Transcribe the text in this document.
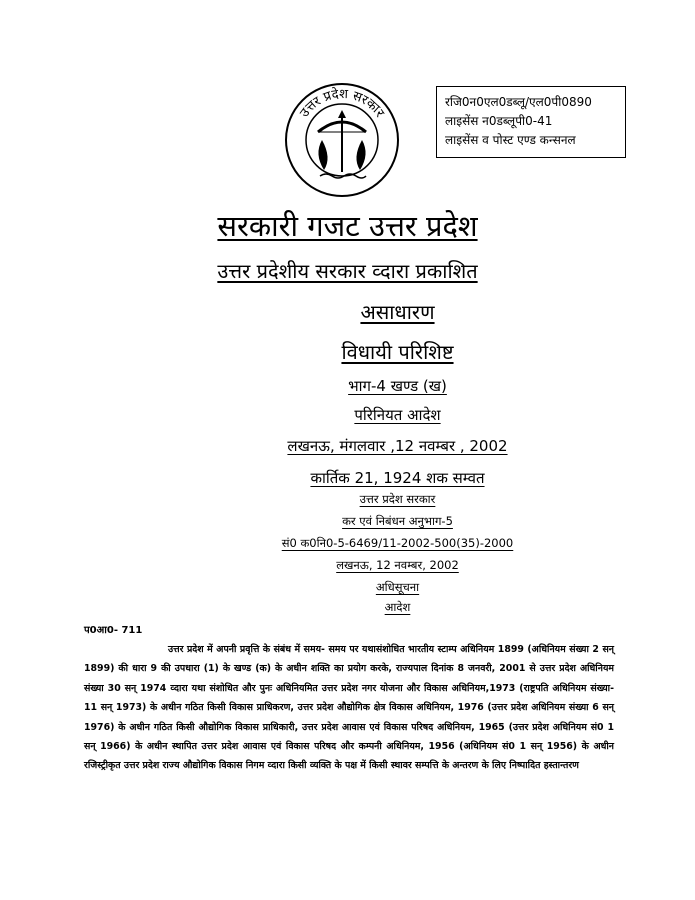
उत्तर प्रदेश सरकार
रजि0न0एल0डब्लू/एल0पी0890
लाइसेंस न0डब्लूपी0-41
लाइसेंस व पोस्ट एण्ड कन्सनल
सरकारी गजट उत्तर प्रदेश
उत्तर प्रदेशीय सरकार व्दारा प्रकाशित
असाधारण
विधायी परिशिष्ट
भाग-4 खण्ड (ख)
परिनियत आदेश
लखनऊ, मंगलवार ,12 नवम्बर , 2002
कार्तिक 21, 1924 शक सम्वत
उत्तर प्रदेश सरकार
कर एवं निबंधन अनुभाग-5
सं0 क0नि0-5-6469/11-2002-500(35)-2000
लखनऊ, 12 नवम्बर, 2002
अधिसूचना
आदेश
प0आ0- 711
उत्तर प्रदेश में अपनी प्रवृत्ति के संबंध में समय- समय पर यथासंशोधित भारतीय स्टाम्प अधिनियम 1899 (अधिनियम संख्या 2 सन् 1899) की धारा 9 की उपधारा (1) के खण्ड (क) के अधीन शक्ति का प्रयोग करके, राज्यपाल दिनांक 8 जनवरी, 2001 से उत्तर प्रदेश अधिनियम संख्या 30 सन् 1974 व्दारा यथा संशोधित और पुनः अधिनियमित उत्तर प्रदेश नगर योजना और विकास अधिनियम,1973 (राष्ट्रपति अधिनियम संख्या- 11 सन् 1973) के अधीन गठित किसी विकास प्राधिकरण, उत्तर प्रदेश औद्योगिक क्षेत्र विकास अधिनियम, 1976 (उत्तर प्रदेश अधिनियम संख्या 6 सन् 1976) के अधीन गठित किसी औद्योगिक विकास प्राधिकारी, उत्तर प्रदेश आवास एवं विकास परिषद अधिनियम, 1965 (उत्तर प्रदेश अधिनियम सं0 1 सन् 1966) के अधीन स्थापित उत्तर प्रदेश आवास एवं विकास परिषद और कम्पनी अधिनियम, 1956 (अधिनियम सं0 1 सन् 1956) के अधीन रजिस्ट्रीकृत उत्तर प्रदेश राज्य औद्योगिक विकास निगम व्दारा किसी व्यक्ति के पक्ष में किसी स्थावर सम्पत्ति के अन्तरण के लिए निष्पादित हस्तान्तरण
